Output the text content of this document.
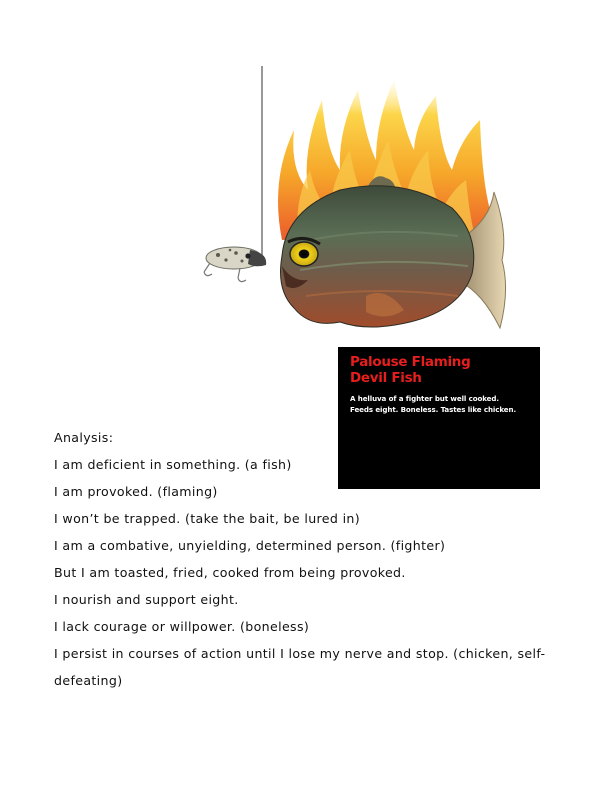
Palouse Flaming
Devil Fish
A helluva of a fighter but well cooked.
Feeds eight. Boneless. Tastes like chicken.

Analysis:

I am deficient in something. (a fish)

I am provoked. (flaming)

I won’t be trapped. (take the bait, be lured in)

I am a combative, unyielding, determined person. (fighter)

But I am toasted, fried, cooked from being provoked.

I nourish and support eight.

I lack courage or willpower. (boneless)

I persist in courses of action until I lose my nerve and stop. (chicken, self-

defeating)
